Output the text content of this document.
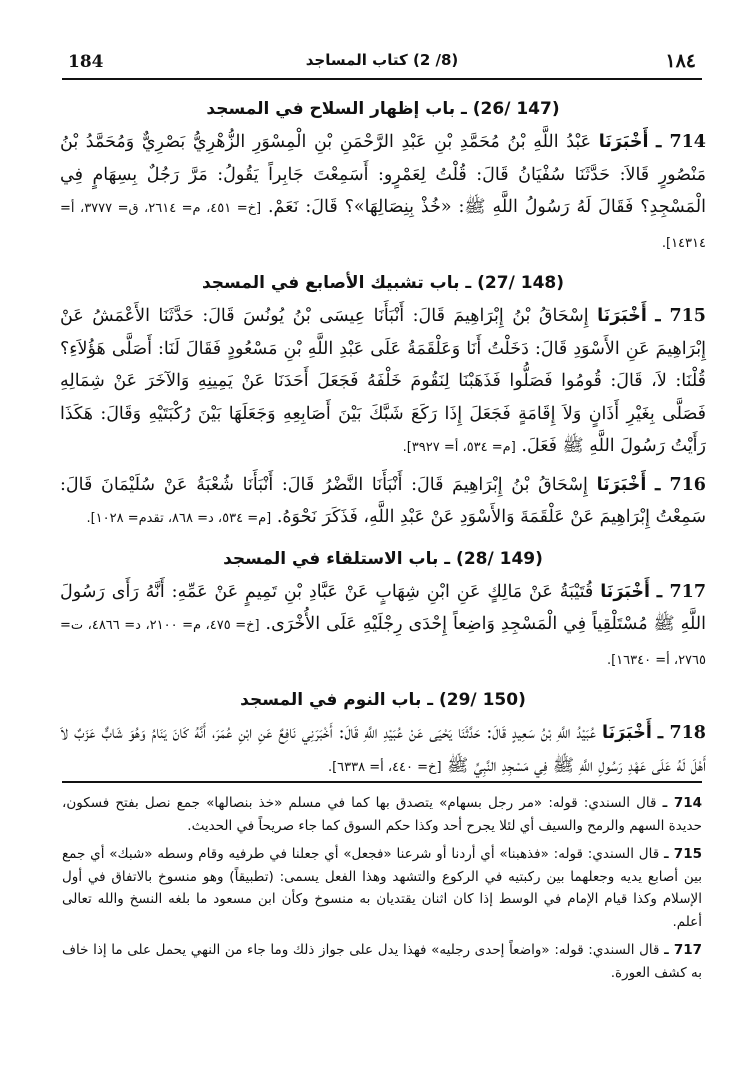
184	(8/ 2) كتاب المساجد	١٨٤
(147 /26) ـ باب إظهار السلاح في المسجد

714 ـ أَخْبَرَنَا عَبْدُ اللَّهِ بْنُ مُحَمَّدِ بْنِ عَبْدِ الرَّحْمَنِ بْنِ الْمِسْوَرِ الزُّهْرِيُّ بَصْرِيٌّ وَمُحَمَّدُ بْنُ مَنْصُورٍ قَالاَ: حَدَّثَنَا سُفْيَانُ قَالَ: قُلْتُ لِعَمْرٍو: أَسَمِعْتَ جَابِراً يَقُولُ: مَرَّ رَجُلٌ بِسِهَامٍ فِي الْمَسْجِدِ؟ فَقَالَ لَهُ رَسُولُ اللَّهِ ﷺ: «خُذْ بِنِصَالِهَا»؟ قَالَ: نَعَمْ. [خ= ٤٥١، م= ٢٦١٤، ق= ٣٧٧٧، أ= ١٤٣١٤].

(148 /27) ـ باب تشبيك الأصابع في المسجد

715 ـ أَخْبَرَنَا إِسْحَاقُ بْنُ إِبْرَاهِيمَ قَالَ: أَنْبَأَنَا عِيسَى بْنُ يُونُسَ قَالَ: حَدَّثَنَا الأَعْمَشُ عَنْ إِبْرَاهِيمَ عَنِ الأَسْوَدِ قَالَ: دَخَلْتُ أَنَا وَعَلْقَمَةُ عَلَى عَبْدِ اللَّهِ بْنِ مَسْعُودٍ فَقَالَ لَنَا: أَصَلَّى هَؤُلاَءِ؟ قُلْنَا: لاَ، قَالَ: قُومُوا فَصَلُّوا فَذَهَبْنَا لِنَقُومَ خَلْفَهُ فَجَعَلَ أَحَدَنَا عَنْ يَمِينِهِ وَالآخَرَ عَنْ شِمَالِهِ فَصَلَّى بِغَيْرِ أَذَانٍ وَلاَ إِقَامَةٍ فَجَعَلَ إِذَا رَكَعَ شَبَّكَ بَيْنَ أَصَابِعِهِ وَجَعَلَهَا بَيْنَ رُكْبَتَيْهِ وَقَالَ: هَكَذَا رَأَيْتُ رَسُولَ اللَّهِ ﷺ فَعَلَ. [م= ٥٣٤، أ= ٣٩٢٧].

716 ـ أَخْبَرَنَا إِسْحَاقُ بْنُ إِبْرَاهِيمَ قَالَ: أَنْبَأَنَا النَّضْرُ قَالَ: أَنْبَأَنَا شُعْبَةُ عَنْ سُلَيْمَانَ قَالَ: سَمِعْتُ إِبْرَاهِيمَ عَنْ عَلْقَمَةَ وَالأَسْوَدِ عَنْ عَبْدِ اللَّهِ، فَذَكَرَ نَحْوَهُ. [م= ٥٣٤، د= ٨٦٨، تقدم= ١٠٢٨].

(149 /28) ـ باب الاستلقاء في المسجد

717 ـ أَخْبَرَنَا قُتَيْبَةُ عَنْ مَالِكٍ عَنِ ابْنِ شِهَابٍ عَنْ عَبَّادِ بْنِ تَمِيمٍ عَنْ عَمِّهِ: أَنَّهُ رَأَى رَسُولَ اللَّهِ ﷺ مُسْتَلْقِياً فِي الْمَسْجِدِ وَاضِعاً إِحْدَى رِجْلَيْهِ عَلَى الأُخْرَى. [خ= ٤٧٥، م= ٢١٠٠، د= ٤٨٦٦، ت= ٢٧٦٥، أ= ١٦٣٤٠].

(150 /29) ـ باب النوم في المسجد

718 ـ أَخْبَرَنَا عُبَيْدُ اللَّهِ بْنُ سَعِيدٍ قَالَ: حَدَّثَنَا يَحْيَى عَنْ عُبَيْدِ اللَّهِ قَالَ: أَخْبَرَنِي نَافِعٌ عَنِ ابْنِ عُمَرَ، أَنَّهُ كَانَ يَنَامُ وَهُوَ شَابٌّ عَزَبٌ لاَ أَهْلَ لَهُ عَلَى عَهْدِ رَسُولِ اللَّهِ ﷺ فِي مَسْجِدِ النَّبِيِّ ﷺ [خ= ٤٤٠، أ= ٦٣٣٨].

714 ـ قال السندي: قوله: «مر رجل بسهام» يتصدق بها كما في مسلم «خذ بنصالها» جمع نصل بفتح فسكون، حديدة السهم والرمح والسيف أي لئلا يجرح أحد وكذا حكم السوق كما جاء صريحاً في الحديث.

715 ـ قال السندي: قوله: «فذهبنا» أي أردنا أو شرعنا «فجعل» أي جعلنا في طرفيه وقام وسطه «شبك» أي جمع بين أصابع يديه وجعلهما بين ركبتيه في الركوع والتشهد وهذا الفعل يسمى: (تطبيقاً) وهو منسوخ بالاتفاق في أول الإسلام وكذا قيام الإمام في الوسط إذا كان اثنان يقتديان به منسوخ وكأن ابن مسعود ما بلغه النسخ والله تعالى أعلم.

717 ـ قال السندي: قوله: «واضعاً إحدى رجليه» فهذا يدل على جواز ذلك وما جاء من النهي يحمل على ما إذا خاف به كشف العورة.
